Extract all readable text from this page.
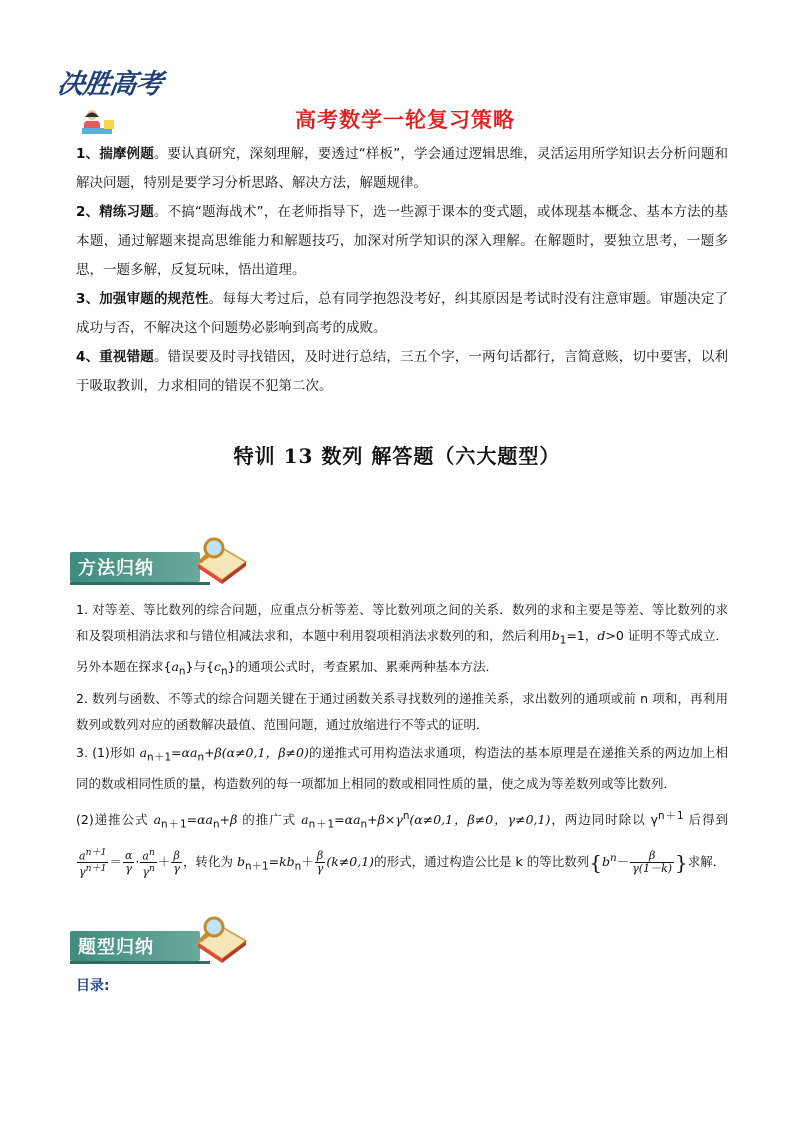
决胜高考
高考数学一轮复习策略

1、揣摩例题。要认真研究，深刻理解，要透过“样板”，学会通过逻辑思维，灵活运用所学知识去分析问题和解决问题，特别是要学习分析思路、解决方法，解题规律。

2、精练习题。不搞“题海战术”，在老师指导下，选一些源于课本的变式题，或体现基本概念、基本方法的基本题，通过解题来提高思维能力和解题技巧，加深对所学知识的深入理解。在解题时，要独立思考，一题多思，一题多解，反复玩味，悟出道理。

3、加强审题的规范性。每每大考过后，总有同学抱怨没考好，纠其原因是考试时没有注意审题。审题决定了成功与否，不解决这个问题势必影响到高考的成败。

4、重视错题。错误要及时寻找错因，及时进行总结，三五个字，一两句话都行，言简意赅，切中要害，以利于吸取教训，力求相同的错误不犯第二次。

特训 13 数列 解答题（六大题型）
方法归纳

1. 对等差、等比数列的综合问题，应重点分析等差、等比数列项之间的关系．数列的求和主要是等差、等比数列的求和及裂项相消法求和与错位相减法求和，本题中利用裂项相消法求数列的和，然后利用$b_1=1$，d>0 证明不等式成立．另外本题在探求$\{a_n\}$与$\{c_n\}$的通项公式时，考查累加、累乘两种基本方法．

2. 数列与函数、不等式的综合问题关键在于通过函数关系寻找数列的递推关系，求出数列的通项或前 n 项和，再利用数列或数列对应的函数解决最值、范围问题，通过放缩进行不等式的证明．

3. (1)形如 $a_{n+1}=\alpha a_n+\beta(\alpha\ne 0,1$，β≠0)的递推式可用构造法求通项，构造法的基本原理是在递推关系的两边加上相同的数或相同性质的量，构造数列的每一项都加上相同的数或相同性质的量，使之成为等差数列或等比数列．

(2)递推公式 $a_{n+1}=\alpha a_n+\beta$ 的推广式 $a_{n+1}=\alpha a_n+\beta\times\gamma^n(\alpha\ne 0,1$，β≠0，γ≠0,1)，两边同时除以 $\gamma^{n+1}$ 后得到
$\frac{a^{n+1}}{\gamma^{n+1}} = \frac{\alpha}{\gamma} \cdot \frac{a^n}{\gamma^n} + \frac{\beta}{\gamma}$ ，转化为 $b_{n+1}=kb_n+ \frac{\beta}{\gamma} (k\ne 0,1)$的形式，通过构造公比是 k 的等比数列{$b^n- \frac{\beta}{\gamma(1-k)}$ }求解．

题型归纳
目录:
